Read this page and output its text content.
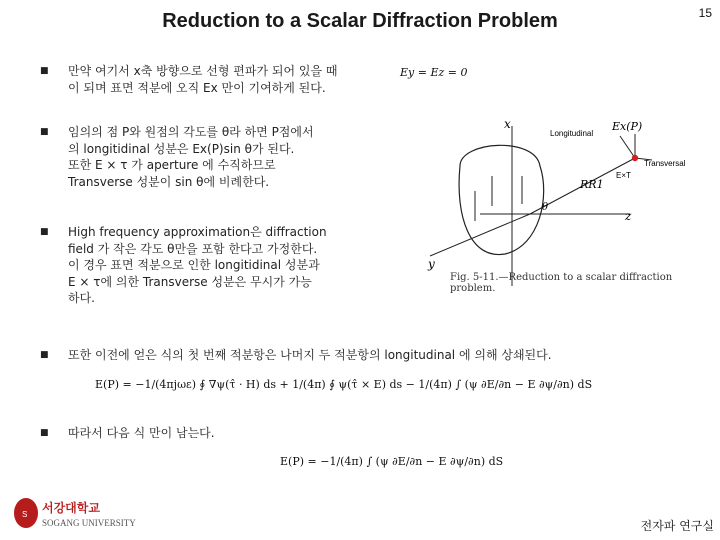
Reduction to a Scalar Diffraction Problem	15
■ 만약 여기서 x축 방향으로 선형 편파가 되어 있을 때
이 되며 표면 적분에 오직 Ex 만이 기여하게 된다.
Ey = Ez = 0
■ 임의의 점 P와 원점의 각도를 θ라 하면 P점에서
의 longitidinal 성분은 Ex(P)sin θ가 된다.
또한 E × τ 가 aperture 에 수직하므로
Transverse 성분이 sin θ에 비례한다.
■ High frequency approximation은 diffraction
field 가 작은 각도 θ만을 포함 한다고 가정한다.
이 경우 표면 적분으로 인한 longitidinal 성분과
E × τ에 의한 Transverse 성분은 무시가 가능
하다.
x
y
z
θ
Longitudinal
Transversal
Ex(P)
E×T
RR1
Fig. 5-11.—Reduction to a scalar diffraction problem.
■ 또한 이전에 얻은 식의 첫 번째 적분항은 나머지 두 적분항의 longitudinal 에 의해 상쇄된다.
E(P) = −1/(4πjωε) ∮ ∇ψ(τ̂ · H) ds + 1/(4π) ∮ ψ(τ̂ × E) ds − 1/(4π) ∫ (ψ ∂E/∂n − E ∂ψ/∂n) dS
■ 따라서 다음 식 만이 남는다.
E(P) = −1/(4π) ∫ (ψ ∂E/∂n − E ∂ψ/∂n) dS
S 서강대학교
SOGANG UNIVERSITY	전자파 연구실
